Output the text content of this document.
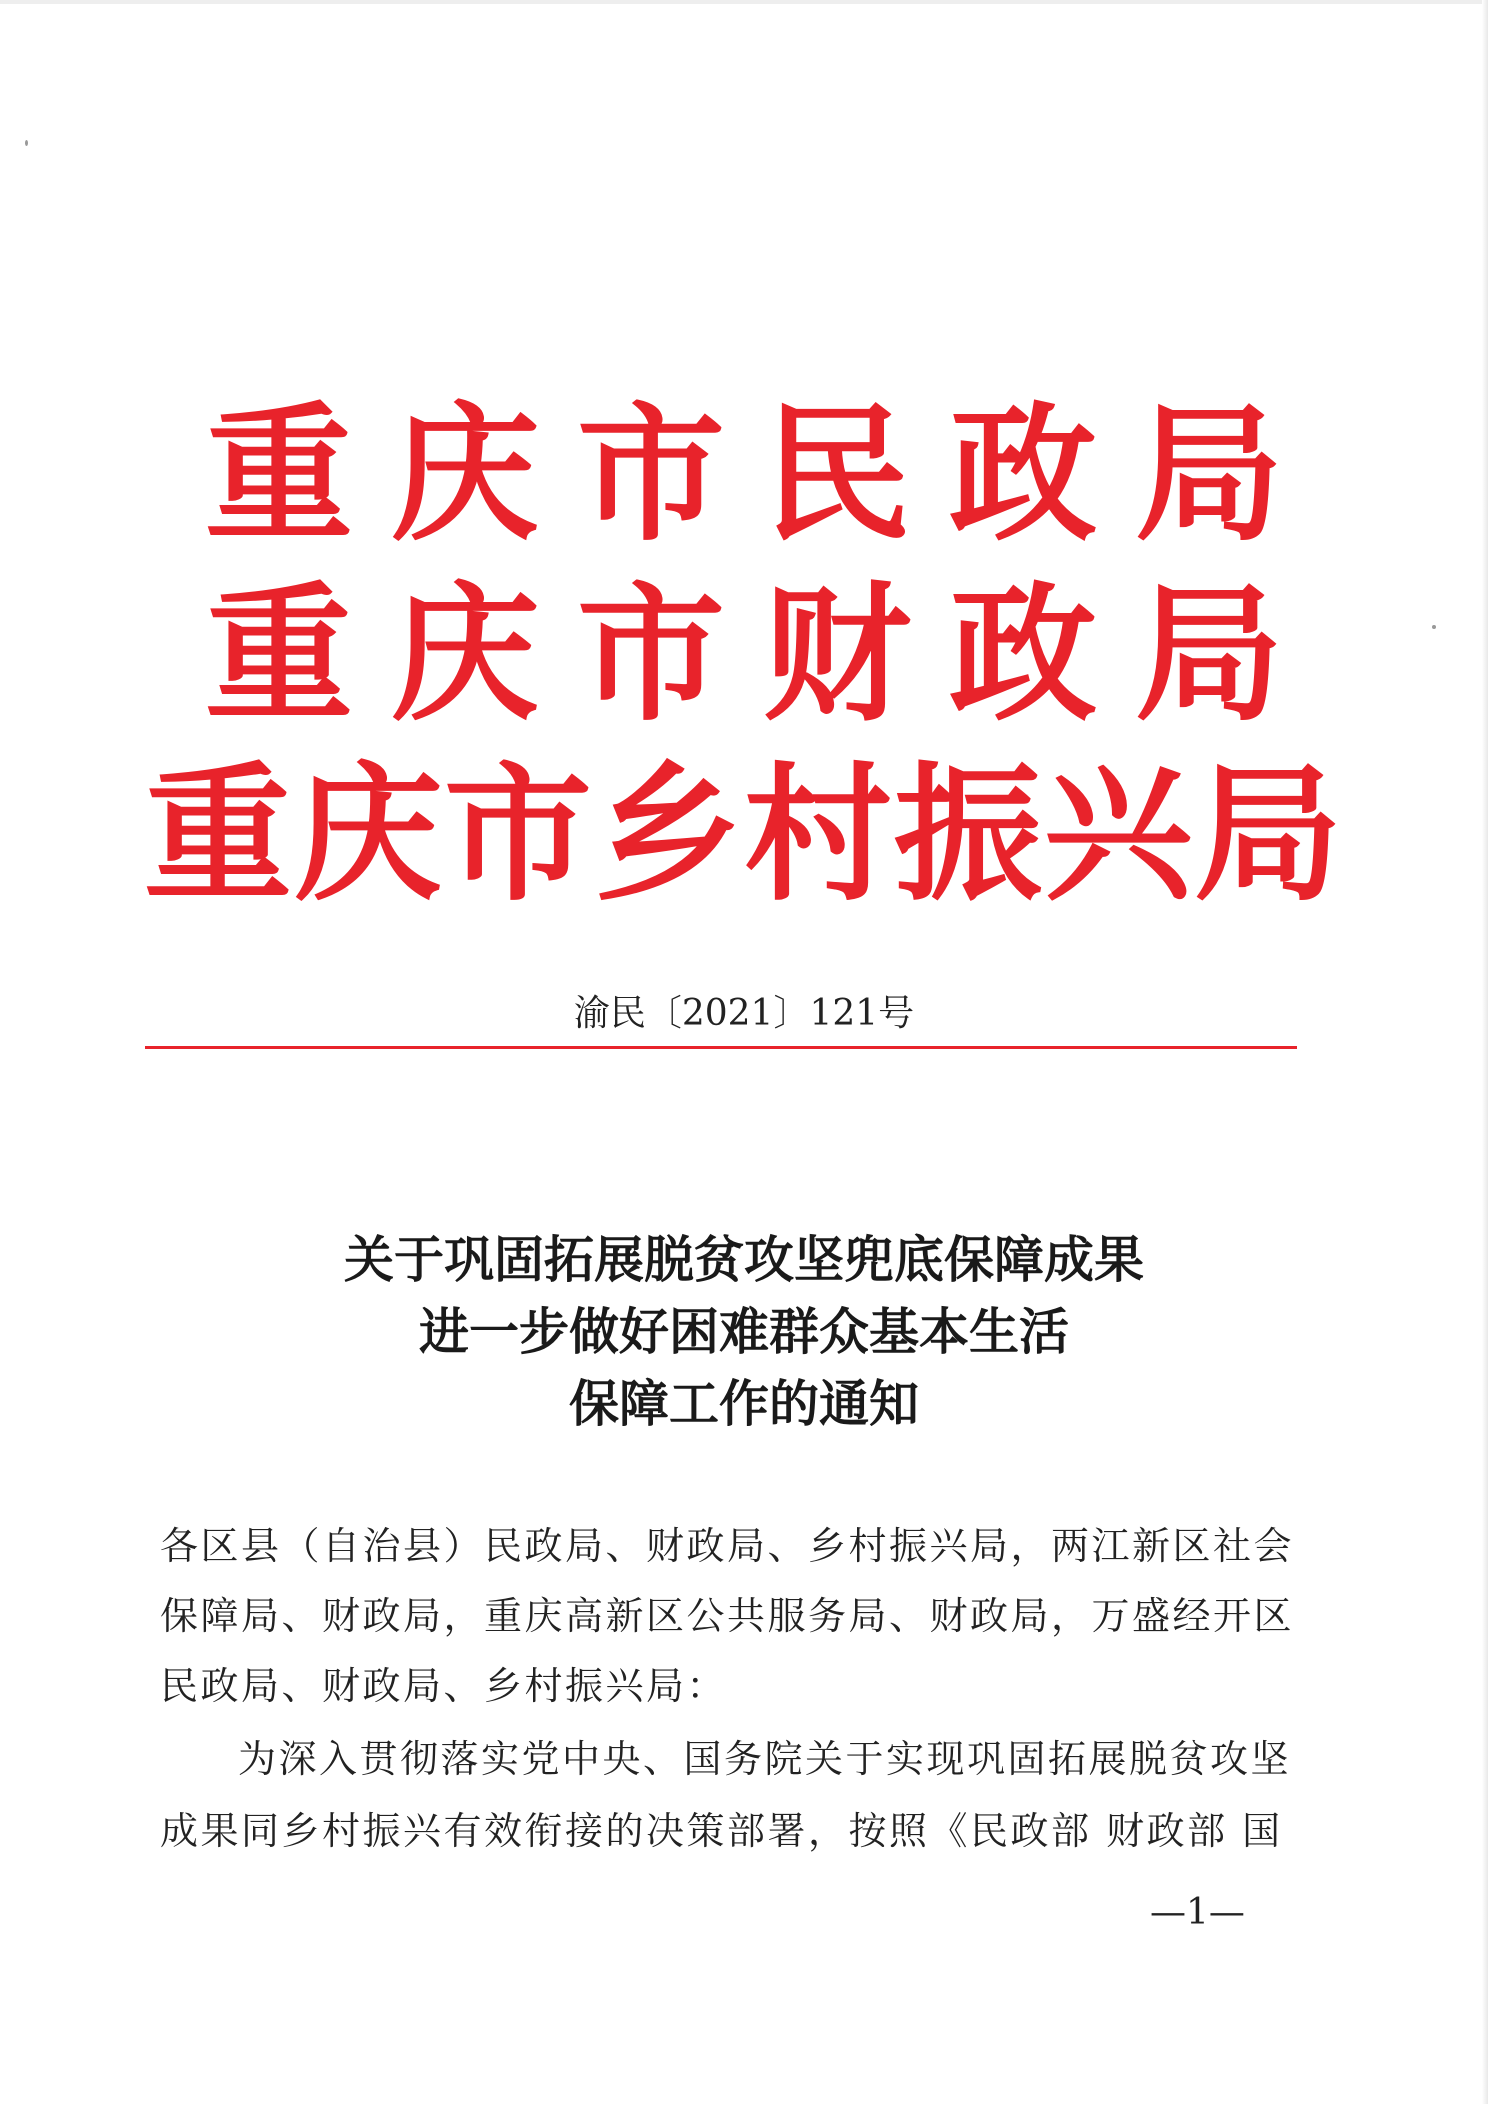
重庆市民政局
重庆市财政局
重庆市乡村振兴局
渝民〔2021〕121号
关于巩固拓展脱贫攻坚兜底保障成果
进一步做好困难群众基本生活
保障工作的通知
各区县（自治县）民政局、财政局、乡村振兴局，两江新区社会
保障局、财政局，重庆高新区公共服务局、财政局，万盛经开区
民政局、财政局、乡村振兴局：
为深入贯彻落实党中央、国务院关于实现巩固拓展脱贫攻坚
成果同乡村振兴有效衔接的决策部署，按照《民政部 财政部 国
—1—
